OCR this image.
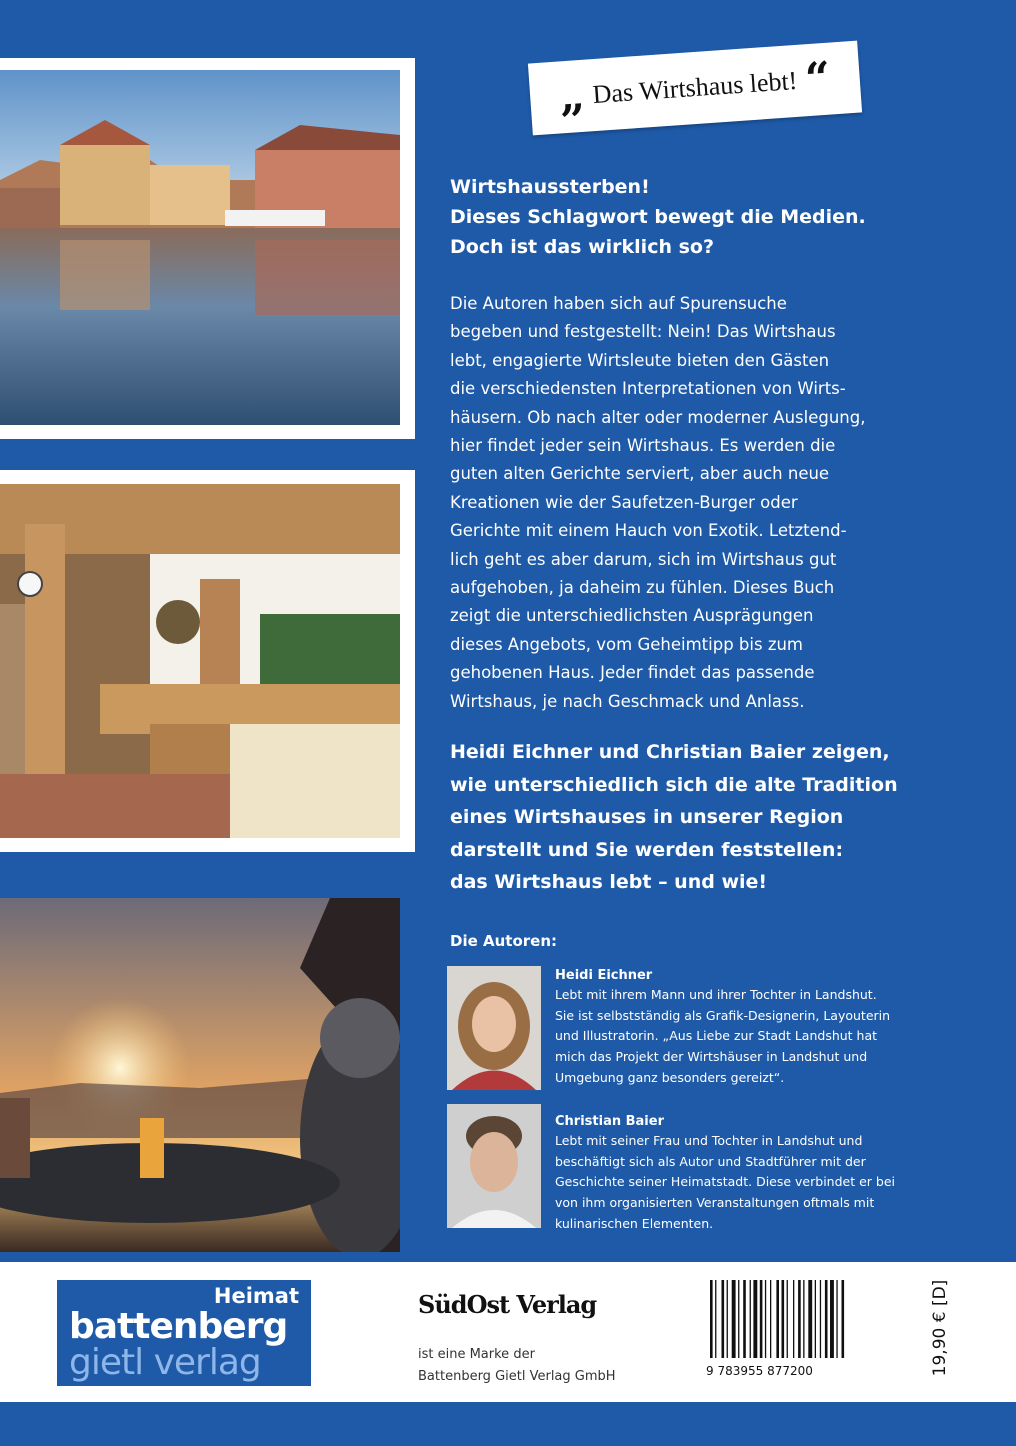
„ Das Wirtshaus lebt! “
Wirtshaussterben!
Dieses Schlagwort bewegt die Medien.
Doch ist das wirklich so?
Die Autoren haben sich auf Spurensuche
begeben und festgestellt: Nein! Das Wirtshaus
lebt, engagierte Wirtsleute bieten den Gästen
die verschiedensten Interpretationen von Wirts-
häusern. Ob nach alter oder moderner Auslegung,
hier findet jeder sein Wirtshaus. Es werden die
guten alten Gerichte serviert, aber auch neue
Kreationen wie der Saufetzen-Burger oder
Gerichte mit einem Hauch von Exotik. Letztend-
lich geht es aber darum, sich im Wirtshaus gut
aufgehoben, ja daheim zu fühlen. Dieses Buch
zeigt die unterschiedlichsten Ausprägungen
dieses Angebots, vom Geheimtipp bis zum
gehobenen Haus. Jeder findet das passende
Wirtshaus, je nach Geschmack und Anlass.
Heidi Eichner und Christian Baier zeigen,
wie unterschiedlich sich die alte Tradition
eines Wirtshauses in unserer Region
darstellt und Sie werden feststellen:
das Wirtshaus lebt – und wie!
Die Autoren:
Heidi Eichner
Lebt mit ihrem Mann und ihrer Tochter in Landshut.
Sie ist selbstständig als Grafik-Designerin, Layouterin
und Illustratorin. „Aus Liebe zur Stadt Landshut hat
mich das Projekt der Wirtshäuser in Landshut und
Umgebung ganz besonders gereizt“.
Christian Baier
Lebt mit seiner Frau und Tochter in Landshut und
beschäftigt sich als Autor und Stadtführer mit der
Geschichte seiner Heimatstadt. Diese verbindet er bei
von ihm organisierten Veranstaltungen oftmals mit
kulinarischen Elementen.
Heimat
battenberg
gietl verlag
SüdOst Verlag
ist eine Marke der
Battenberg Gietl Verlag GmbH	9 783955 877200	19,90 € [D]
